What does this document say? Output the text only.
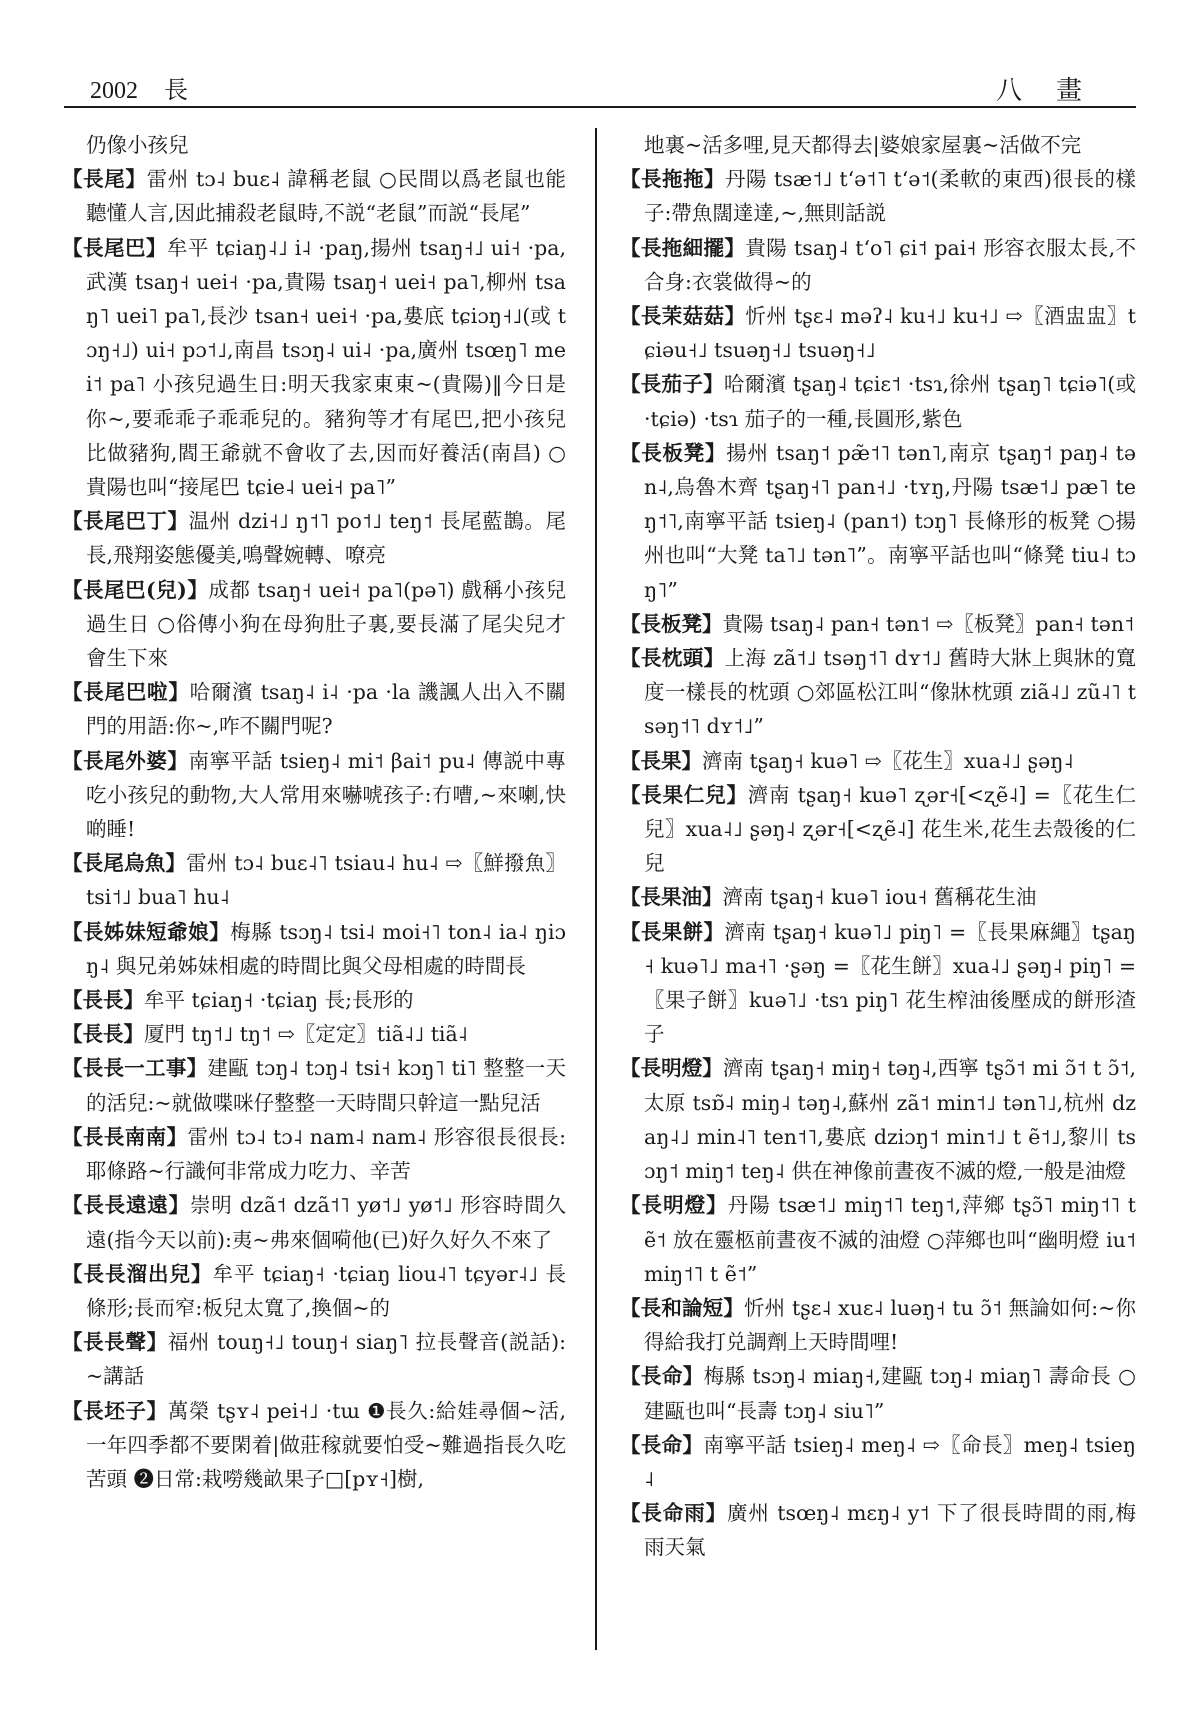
2002 長	八畫
仍像小孩兒

【長尾】雷州 tɔ˨ buɛ˨ 諱稱老鼠 ○民間以爲老鼠也能聽懂人言,因此捕殺老鼠時,不説“老鼠”而説“長尾”

【長尾巴】牟平 tɕiaŋ˨˩ i˨ ·paŋ,揚州 tsaŋ˧˩ ui˧ ·pa,武漢 tsaŋ˧ uei˧ ·pa,貴陽 tsaŋ˧ uei˧ pa˥,柳州 tsaŋ˥ uei˥ pa˥,長沙 tsan˧ uei˧ ·pa,婁底 tɕiɔŋ˧˩(或 tɔŋ˧˩) ui˧ pɔ˦˩,南昌 tsɔŋ˨ ui˨ ·pa,廣州 tsœŋ˥ mei˦ pa˥ 小孩兒過生日:明天我家東東~(貴陽)‖今日是你~,要乖乖子乖乖兒的。豬狗等才有尾巴,把小孩兒比做豬狗,閻王爺就不會收了去,因而好養活(南昌) ○貴陽也叫“接尾巴 tɕie˨ uei˧ pa˥”

【長尾巴丁】温州 dzi˧˩ ŋ˦˥ po˦˩ teŋ˦ 長尾藍鵲。尾長,飛翔姿態優美,鳴聲婉轉、嘹亮

【長尾巴(兒)】成都 tsaŋ˧ uei˧ pa˥(pə˥) 戲稱小孩兒過生日 ○俗傳小狗在母狗肚子裏,要長滿了尾尖兒才會生下來

【長尾巴啦】哈爾濱 tsaŋ˨ i˨ ·pa ·la 譏諷人出入不關門的用語:你~,咋不關門呢?

【長尾外婆】南寧平話 tsieŋ˨ mi˦ βai˦ pu˨ 傳説中專吃小孩兒的動物,大人常用來嚇唬孩子:冇嘈,~來喇,快啲睡!

【長尾烏魚】雷州 tɔ˨ buɛ˨˥ tsiau˨ hu˨ ⇨〖鮮撥魚〗tsi˦˩ bua˥ hu˨

【長姊妹短爺娘】梅縣 tsɔŋ˨ tsi˨ moi˧˥ ton˨ ia˨ ŋiɔŋ˨ 與兄弟姊妹相處的時間比與父母相處的時間長

【長長】牟平 tɕiaŋ˧ ·tɕiaŋ 長;長形的

【長長】厦門 tŋ˦˩ tŋ˦ ⇨〖定定〗tiã˨˩ tiã˨

【長長一工事】建甌 tɔŋ˨ tɔŋ˨ tsi˧ kɔŋ˥ ti˥ 整整一天的活兒:~就做喋咪仔整整一天時間只幹這一點兒活

【長長南南】雷州 tɔ˨ tɔ˨ nam˨ nam˨ 形容很長很長:耶條路~行識何非常成力吃力、辛苦

【長長遠遠】崇明 dzã˦ dzã˦˥ yø˦˩ yø˦˩ 形容時間久遠(指今天以前):夷~弗來個嗬他(已)好久好久不來了

【長長溜出兒】牟平 tɕiaŋ˧ ·tɕiaŋ liou˨˥ tɕyər˨˩ 長條形;長而窄:板兒太寬了,換個~的

【長長聲】福州 touŋ˧˩ touŋ˧ siaŋ˥ 拉長聲音(説話):~講話

【長坯子】萬榮 tʂʏ˨ pei˧˩ ·tɯ ❶長久:給娃尋個~活,一年四季都不要閑着|做莊稼就要怕受~難過指長久吃苦頭 ❷日常:栽嘮幾畝果子□[pʏ˧]樹,

地裏~活多哩,見天都得去|婆娘家屋裏~活做不完

【長拖拖】丹陽 tsæ˦˩ tʻə˦˥ tʻə˦(柔軟的東西)很長的樣子:帶魚闊達達,~,無則話説

【長拖細擺】貴陽 tsaŋ˨ tʻo˥ ɕi˦ pai˧ 形容衣服太長,不合身:衣裳做得~的

【長茉菇菇】忻州 tʂɛ˨ məʔ˨ ku˧˩ ku˧˩ ⇨〖酒盅盅〗tɕiəu˧˩ tsuəŋ˧˩ tsuəŋ˧˩

【長茄子】哈爾濱 tʂaŋ˨ tɕiɛ˦ ·tsɿ,徐州 tʂaŋ˥ tɕiə˥(或·tɕiə) ·tsɿ 茄子的一種,長圓形,紫色

【長板凳】揚州 tsaŋ˦ pæ̃˦˥ tən˥,南京 tʂaŋ˦ paŋ˨ tən˨,烏魯木齊 tʂaŋ˧˥ pan˧˩ ·tʏŋ,丹陽 tsæ˦˩ pæ˥ teŋ˦˥,南寧平話 tsieŋ˨ (pan˦) tɔŋ˥ 長條形的板凳 ○揚州也叫“大凳 ta˥˩ tən˥”。南寧平話也叫“條凳 tiu˨ tɔŋ˥”

【長板凳】貴陽 tsaŋ˨ pan˧ tən˦ ⇨〖板凳〗pan˧ tən˦

【長枕頭】上海 zã˦˩ tsəŋ˦˥ dʏ˦˩ 舊時大牀上與牀的寬度一樣長的枕頭 ○郊區松江叫“像牀枕頭 ziã˨˩ zũ˨˥ tsəŋ˦˥ dʏ˦˩”

【長果】濟南 tʂaŋ˧ kuə˥ ⇨〖花生〗xua˨˩ ʂəŋ˨

【長果仁兒】濟南 tʂaŋ˧ kuə˥ ʐər˧[<ʐẽ˨] =〖花生仁兒〗xua˨˩ ʂəŋ˨ ʐər˧[<ʐẽ˨] 花生米,花生去殼後的仁兒

【長果油】濟南 tʂaŋ˧ kuə˥ iou˧ 舊稱花生油

【長果餅】濟南 tʂaŋ˧ kuə˥˩ piŋ˥ =〖長果麻繩〗tʂaŋ˧ kuə˥˩ ma˧˥ ·ʂəŋ =〖花生餅〗xua˨˩ ʂəŋ˨ piŋ˥ =〖果子餅〗kuə˥˩ ·tsɿ piŋ˥ 花生榨油後壓成的餅形渣子

【長明燈】濟南 tʂaŋ˧ miŋ˧ təŋ˨,西寧 tʂɔ̃˦ mi ɔ̃˦ t ɔ̃˦,太原 tsɒ̃˨ miŋ˨ təŋ˨,蘇州 zã˦ min˦˩ tən˥˩,杭州 dzaŋ˨˩ min˨˥ ten˦˥,婁底 dziɔŋ˦ min˦˩ t ẽ˦˩,黎川 tsɔŋ˦ miŋ˦ teŋ˨ 供在神像前晝夜不滅的燈,一般是油燈

【長明燈】丹陽 tsæ˦˩ miŋ˦˥ teŋ˦,萍鄉 tʂɔ̃˥ miŋ˦˥ t ẽ˦ 放在靈柩前晝夜不滅的油燈 ○萍鄉也叫“幽明燈 iu˦ miŋ˦˥ t ẽ˦”

【長和論短】忻州 tʂɛ˨ xuɛ˨ luəŋ˧ tu ɔ̃˦ 無論如何:~你得給我打兑調劑上天時間哩!

【長命】梅縣 tsɔŋ˨ miaŋ˧,建甌 tɔŋ˨ miaŋ˥ 壽命長 ○建甌也叫“長壽 tɔŋ˨ siu˥”

【長命】南寧平話 tsieŋ˨ meŋ˨ ⇨〖命長〗meŋ˨ tsieŋ˨

【長命雨】廣州 tsœŋ˨ mɛŋ˨ y˦ 下了很長時間的雨,梅雨天氣
